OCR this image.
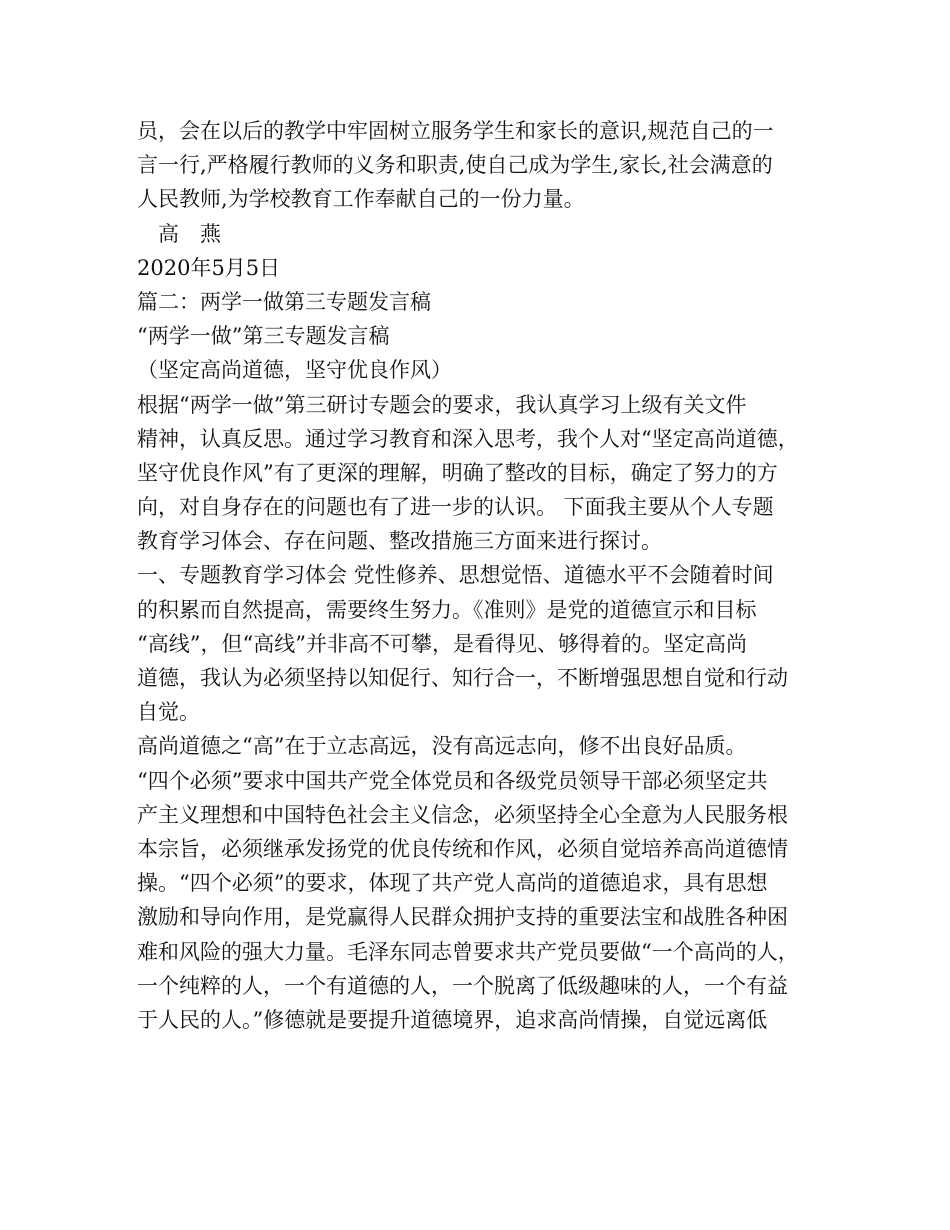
员，会在以后的教学中牢固树立服务学生和家长的意识,规范自己的一
言一行,严格履行教师的义务和职责,使自己成为学生,家长,社会满意的
人民教师,为学校教育工作奉献自己的一份力量。
　高　燕
2020年5月5日
篇二：两学一做第三专题发言稿
“两学一做”第三专题发言稿
（坚定高尚道德，坚守优良作风）
根据“两学一做”第三研讨专题会的要求，我认真学习上级有关文件
精神，认真反思。通过学习教育和深入思考，我个人对“坚定高尚道德，
坚守优良作风”有了更深的理解，明确了整改的目标，确定了努力的方
向，对自身存在的问题也有了进一步的认识。 下面我主要从个人专题
教育学习体会、存在问题、整改措施三方面来进行探讨。
一、专题教育学习体会 党性修养、思想觉悟、道德水平不会随着时间
的积累而自然提高，需要终生努力。《准则》是党的道德宣示和目标
“高线”，但“高线”并非高不可攀，是看得见、够得着的。坚定高尚
道德，我认为必须坚持以知促行、知行合一，不断增强思想自觉和行动
自觉。
高尚道德之“高”在于立志高远，没有高远志向，修不出良好品质。
“四个必须”要求中国共产党全体党员和各级党员领导干部必须坚定共
产主义理想和中国特色社会主义信念，必须坚持全心全意为人民服务根
本宗旨，必须继承发扬党的优良传统和作风，必须自觉培养高尚道德情
操。“四个必须”的要求，体现了共产党人高尚的道德追求，具有思想
激励和导向作用，是党赢得人民群众拥护支持的重要法宝和战胜各种困
难和风险的强大力量。毛泽东同志曾要求共产党员要做“一个高尚的人，
一个纯粹的人，一个有道德的人，一个脱离了低级趣味的人，一个有益
于人民的人。”修德就是要提升道德境界，追求高尚情操，自觉远离低
